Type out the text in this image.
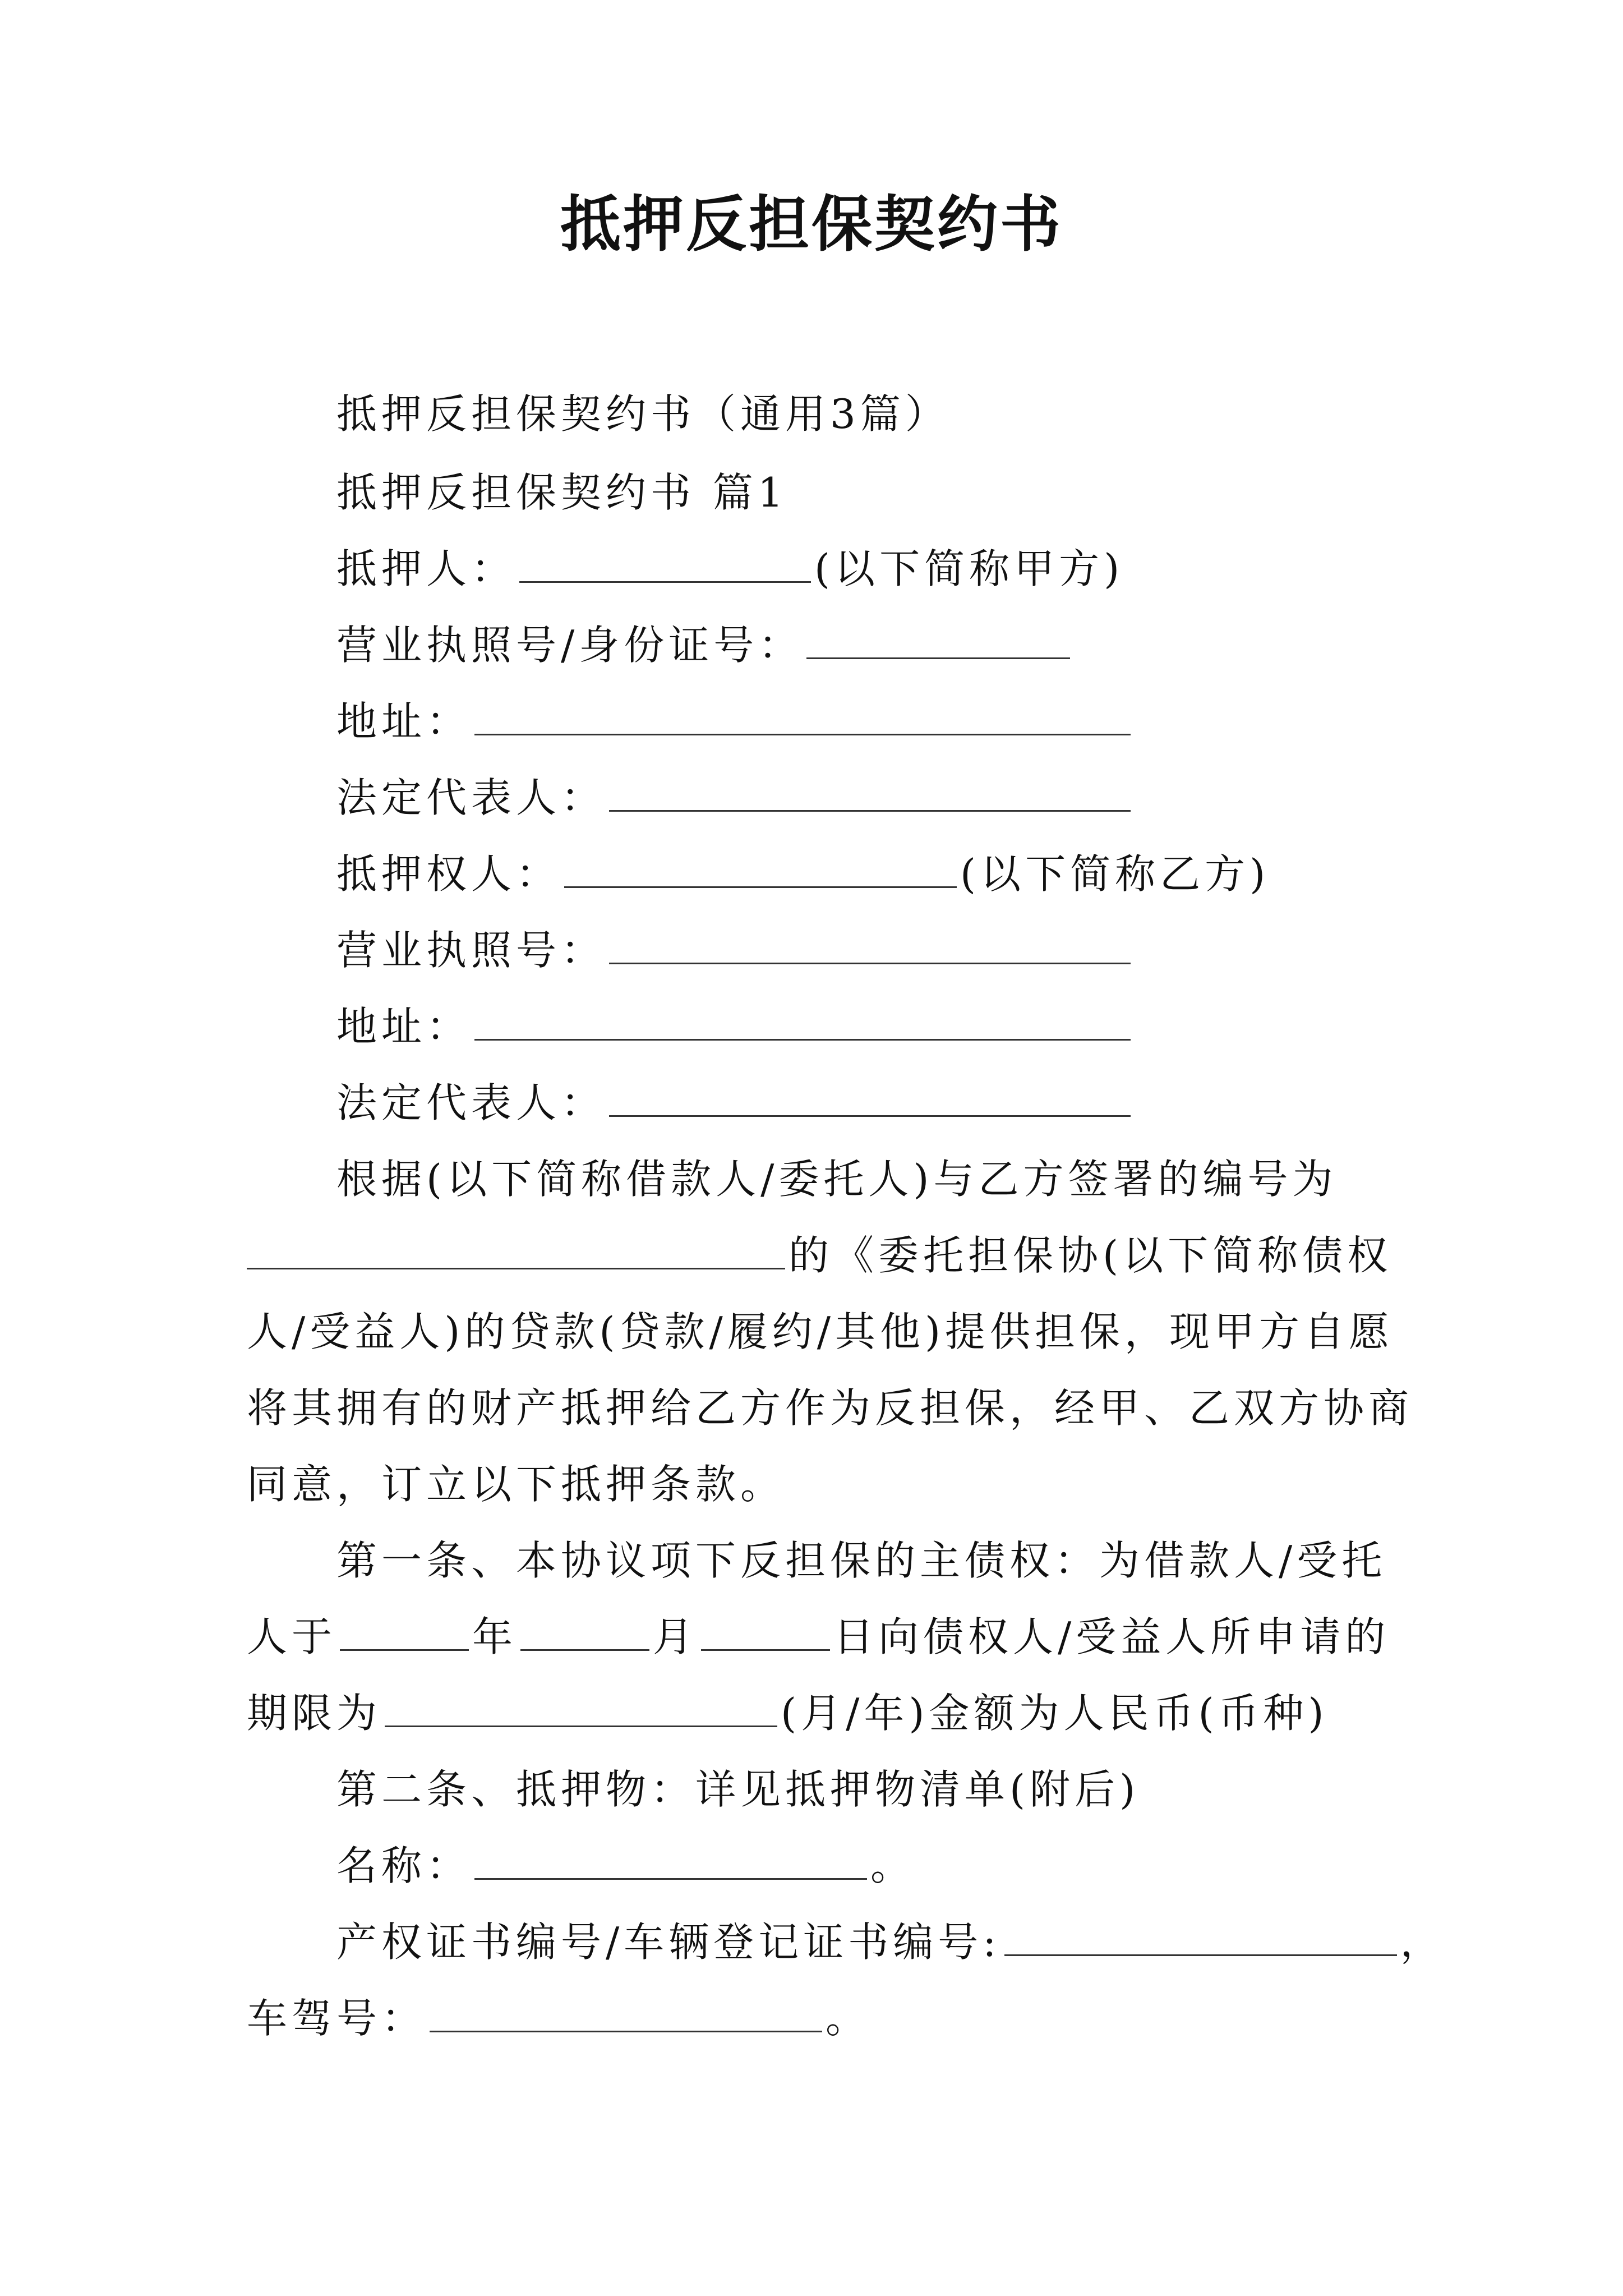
抵押反担保契约书
抵押反担保契约书（通用3篇）
抵押反担保契约书 篇1
抵押人：	(以下简称甲方)
营业执照号/身份证号：
地址：
法定代表人：
抵押权人：	(以下简称乙方)
营业执照号：
地址：
法定代表人：
根据(以下简称借款人/委托人)与乙方签署的编号为
的《委托担保协(以下简称债权
人/受益人)的贷款(贷款/履约/其他)提供担保，现甲方自愿
将其拥有的财产抵押给乙方作为反担保，经甲、乙双方协商
同意，订立以下抵押条款。
第一条、本协议项下反担保的主债权：为借款人/受托
人于	年	月	日向债权人/受益人所申请的
期限为	(月/年)金额为人民币(币种)
第二条、抵押物：详见抵押物清单(附后)
名称：	。
产权证书编号/车辆登记证书编号:	，
车驾号：	。
